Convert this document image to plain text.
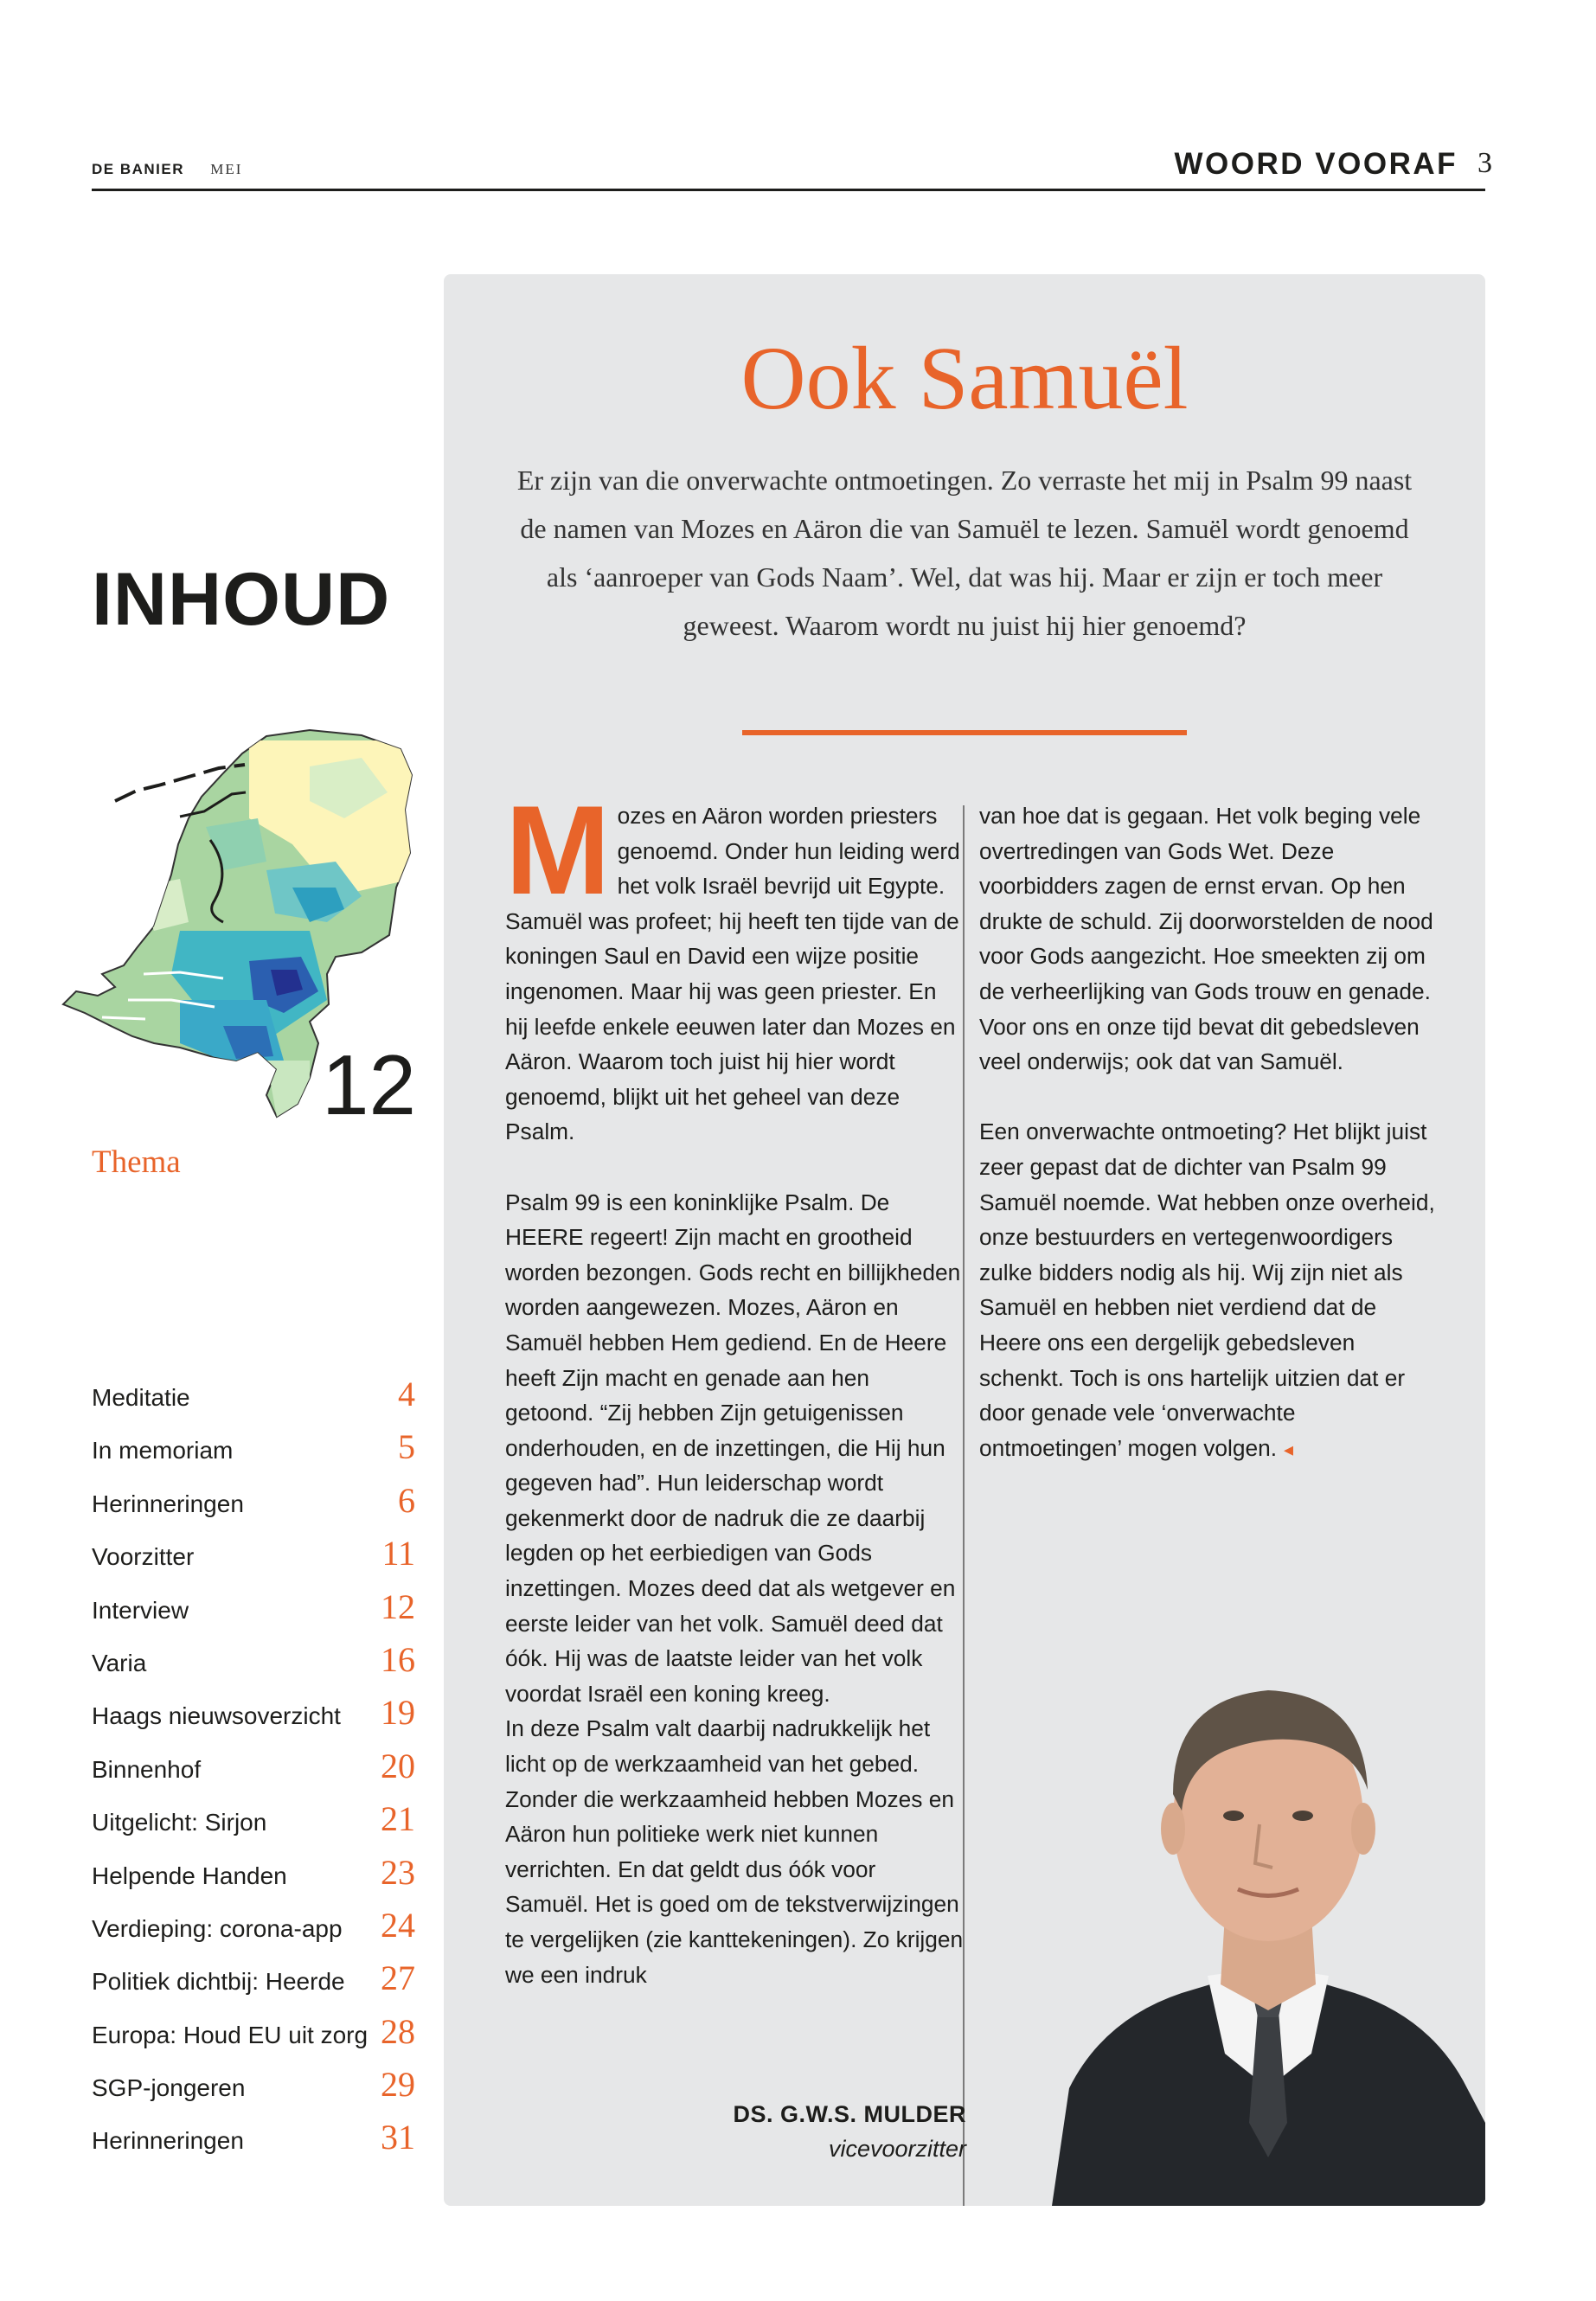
DE BANIER MEI	WOORD VOORAF 3
INHOUD
12
Thema
Meditatie	4
In memoriam	5
Herinneringen	6
Voorzitter	11
Interview	12
Varia	16
Haags nieuwsoverzicht 19
Binnenhof	20
Uitgelicht: Sirjon	21
Helpende Handen	23
Verdieping: corona-app 24
Politiek dichtbij: Heerde 27
Europa: Houd EU uit zorg 28
SGP-jongeren	29
Herinneringen	31
Ook Samuël
Er zijn van die onverwachte ontmoetingen. Zo verraste het mij in Psalm 99 naast de namen van Mozes en Aäron die van Samuël te lezen. Samuël wordt genoemd als ‘aanroeper van Gods Naam’. Wel, dat was hij. Maar er zijn er toch meer geweest. Waarom wordt nu juist hij hier genoemd?

Mozes en Aäron worden priesters genoemd. Onder hun leiding werd het volk Israël bevrijd uit Egypte. Samuël was profeet; hij heeft ten tijde van de koningen Saul en David een wijze positie ingenomen. Maar hij was geen priester. En hij leefde enkele eeuwen later dan Mozes en Aäron. Waarom toch juist hij hier wordt genoemd, blijkt uit het geheel van deze Psalm.

Psalm 99 is een koninklijke Psalm. De HEERE regeert! Zijn macht en grootheid worden bezongen. Gods recht en billijkheden worden aangewezen. Mozes, Aäron en Samuël hebben Hem gediend. En de Heere heeft Zijn macht en genade aan hen getoond. “Zij hebben Zijn getuigenissen onderhouden, en de inzettingen, die Hij hun gegeven had”. Hun leiderschap wordt gekenmerkt door de nadruk die ze daarbij legden op het eerbiedigen van Gods inzettingen. Mozes deed dat als wetgever en eerste leider van het volk. Samuël deed dat óók. Hij was de laatste leider van het volk voordat Israël een koning kreeg.

In deze Psalm valt daarbij nadrukkelijk het licht op de werkzaamheid van het gebed. Zonder die werkzaamheid hebben Mozes en Aäron hun politieke werk niet kunnen verrichten. En dat geldt dus óók voor Samuël. Het is goed om de tekstverwijzingen te vergelijken (zie kanttekeningen). Zo krijgen we een indruk

van hoe dat is gegaan. Het volk beging vele overtredingen van Gods Wet. Deze voorbidders zagen de ernst ervan. Op hen drukte de schuld. Zij doorworstelden de nood voor Gods aangezicht. Hoe smeekten zij om de verheerlijking van Gods trouw en genade. Voor ons en onze tijd bevat dit gebedsleven veel onderwijs; ook dat van Samuël.

Een onverwachte ontmoeting? Het blijkt juist zeer gepast dat de dichter van Psalm 99 Samuël noemde. Wat hebben onze overheid, onze bestuurders en vertegenwoordigers zulke bidders nodig als hij. Wij zijn niet als Samuël en hebben niet verdiend dat de Heere ons een dergelijk gebedsleven schenkt. Toch is ons hartelijk uitzien dat er door genade vele ‘onverwachte ontmoetingen’ mogen volgen. ◂

DS. G.W.S. MULDER
vicevoorzitter
